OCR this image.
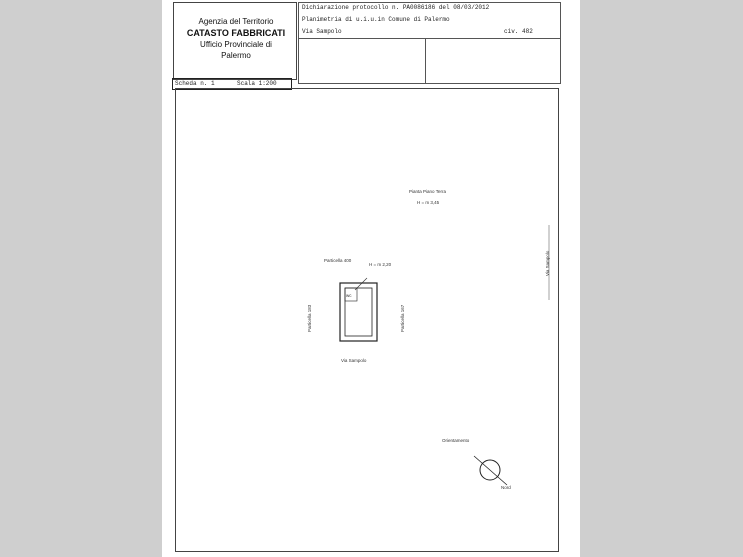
Agenzia del Territorio
CATASTO FABBRICATI
Ufficio Provinciale di
Palermo
Dichiarazione protocollo n. PA0086186 del 08/03/2012
Planimetria di u.i.u.in Comune di Palermo
Via Sampolo	civ. 482
Scheda n. 1	Scala 1:200
Pianta Piano Terra
H = m 3,45
Particella 400
H = m 2,20
wc
Particella 183	Particella 167
Via Sampolo
Via Sampolo
Orientamento
Nord
